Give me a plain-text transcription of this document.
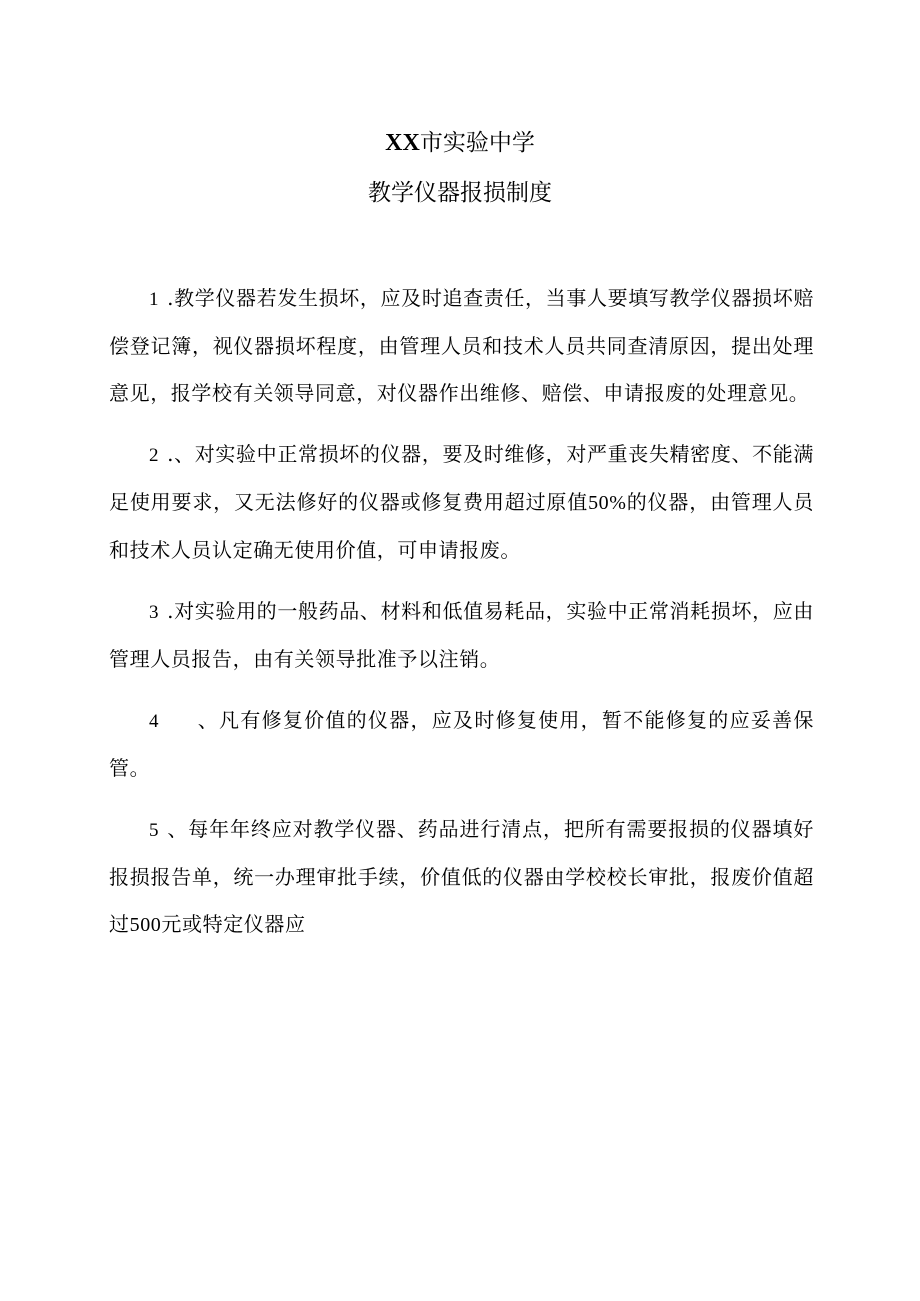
XX市实验中学

教学仪器报损制度

1 .教学仪器若发生损坏，应及时追查责任，当事人要填写教学仪器损坏赔偿登记簿，视仪器损坏程度，由管理人员和技术人员共同查清原因，提出处理意见，报学校有关领导同意，对仪器作出维修、赔偿、申请报废的处理意见。

2 .、对实验中正常损坏的仪器，要及时维修，对严重丧失精密度、不能满足使用要求，又无法修好的仪器或修复费用超过原值50%的仪器，由管理人员和技术人员认定确无使用价值，可申请报废。

3 .对实验用的一般药品、材料和低值易耗品，实验中正常消耗损坏，应由管理人员报告，由有关领导批准予以注销。

4 、凡有修复价值的仪器，应及时修复使用，暂不能修复的应妥善保管。

5 、每年年终应对教学仪器、药品进行清点，把所有需要报损的仪器填好报损报告单，统一办理审批手续，价值低的仪器由学校校长审批，报废价值超过500元或特定仪器应
